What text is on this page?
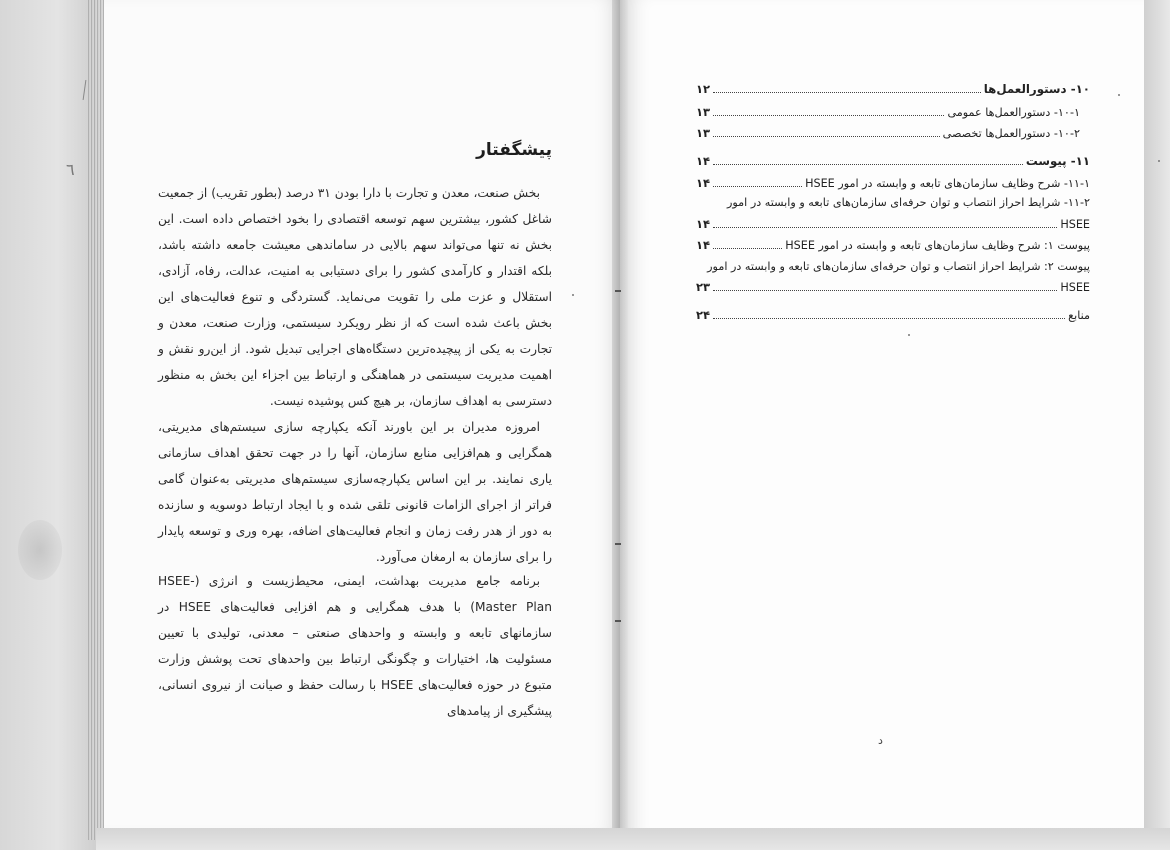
٦
پیشگفتار

بخش صنعت، معدن و تجارت با دارا بودن ۳۱ درصد (بطور تقریب) از جمعیت شاغل کشور، بیشترین سهم توسعه اقتصادی را بخود اختصاص داده است. این بخش نه تنها می‌تواند سهم بالایی در ساماندهی معیشت جامعه داشته باشد، بلکه اقتدار و کارآمدی کشور را برای دستیابی به امنیت، عدالت، رفاه، آزادی، استقلال و عزت ملی را تقویت می‌نماید. گستردگی و تنوع فعالیت‌های این بخش باعث شده است که از نظر رویکرد سیستمی، وزارت صنعت، معدن و تجارت به یکی از پیچیده‌ترین دستگاه‌های اجرایی تبدیل شود. از این‌رو نقش و اهمیت مدیریت سیستمی در هماهنگی و ارتباط بین اجزاء این بخش به منظور دسترسی به اهداف سازمان، بر هیچ کس پوشیده نیست.

امروزه مدیران بر این باورند آنکه یکپارچه سازی سیستم‌های مدیریتی، همگرایی و هم‌افزایی منابع سازمان، آنها را در جهت تحقق اهداف سازمانی یاری نمایند. بر این اساس یکپارچه‌سازی سیستم‌های مدیریتی به‌عنوان گامی فراتر از اجرای الزامات قانونی تلقی شده و با ایجاد ارتباط دوسویه و سازنده به دور از هدر رفت زمان و انجام فعالیت‌های اضافه، بهره وری و توسعه پایدار را برای سازمان به ارمغان می‌آورد.

برنامه جامع مدیریت بهداشت، ایمنی، محیط‌زیست و انرژی (HSEE- Master Plan) با هدف همگرایی و هم افزایی فعالیت‌های HSEE در سازمانهای تابعه و وابسته و واحدهای صنعتی – معدنی، تولیدی با تعیین مسئولیت ها، اختیارات و چگونگی ارتباط بین واحدهای تحت پوشش وزارت متبوع در حوزه فعالیت‌های HSEE با رسالت حفظ و صیانت از نیروی انسانی، پیشگیری از پیامدهای

۱۰- دستورالعمل‌ها
۱۲
۱۰-۱- دستورالعمل‌ها عمومی
۱۳
۱۰-۲- دستورالعمل‌ها تخصصی
۱۳
۱۱- پیوست
۱۴
۱۱-۱- شرح وظایف سازمان‌های تابعه و وابسته در امور HSEE
۱۴
۱۱-۲- شرایط احراز انتصاب و توان حرفه‌ای سازمان‌های تابعه و وابسته در امور
HSEE
۱۴
پیوست ۱: شرح وظایف سازمان‌های تابعه و وابسته در امور HSEE
۱۴
پیوست ۲: شرایط احراز انتصاب و توان حرفه‌ای سازمان‌های تابعه و وابسته در امور
HSEE
۲۳
منابع
۲۴
د
